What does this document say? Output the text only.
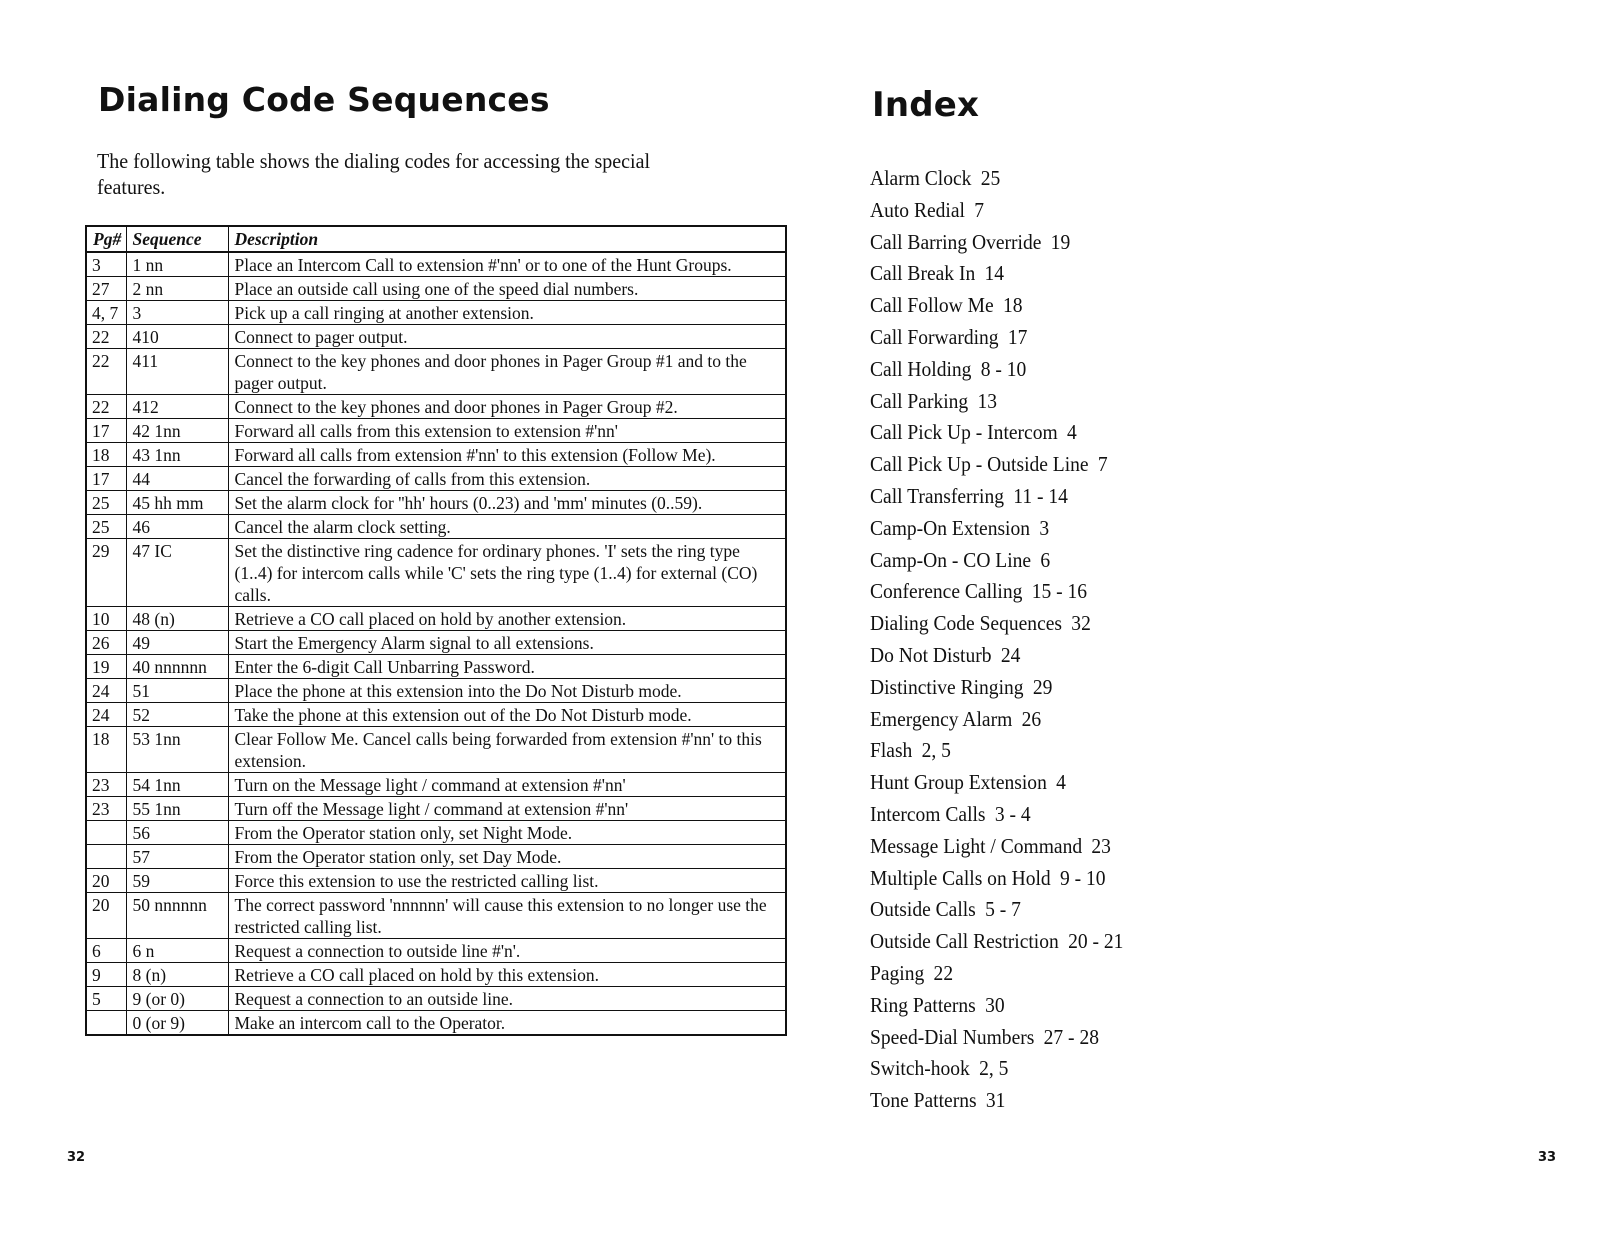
Dialing Code Sequences

The following table shows the dialing codes for accessing the special features.

Pg#	Sequence	Description
3	1 nn	Place an Intercom Call to extension #'nn' or to one of the Hunt Groups.
27	2 nn	Place an outside call using one of the speed dial numbers.
4, 7	3	Pick up a call ringing at another extension.
22	410	Connect to pager output.
22	411	Connect to the key phones and door phones in Pager Group #1 and to the pager output.
22	412	Connect to the key phones and door phones in Pager Group #2.
17	42 1nn	Forward all calls from this extension to extension #'nn'
18	43 1nn	Forward all calls from extension #'nn' to this extension (Follow Me).
17	44	Cancel the forwarding of calls from this extension.
25	45 hh mm	Set the alarm clock for ''hh' hours (0..23) and 'mm' minutes (0..59).
25	46	Cancel the alarm clock setting.
29	47 IC	Set the distinctive ring cadence for ordinary phones. 'I' sets the ring type (1..4) for intercom calls while 'C' sets the ring type (1..4) for external (CO) calls.
10	48 (n)	Retrieve a CO call placed on hold by another extension.
26	49	Start the Emergency Alarm signal to all extensions.
19	40 nnnnnn	Enter the 6-digit Call Unbarring Password.
24	51	Place the phone at this extension into the Do Not Disturb mode.
24	52	Take the phone at this extension out of the Do Not Disturb mode.
18	53 1nn	Clear Follow Me. Cancel calls being forwarded from extension #'nn' to this extension.
23	54 1nn	Turn on the Message light / command at extension #'nn'
23	55 1nn	Turn off the Message light / command at extension #'nn'
	56	From the Operator station only, set Night Mode.
	57	From the Operator station only, set Day Mode.
20	59	Force this extension to use the restricted calling list.
20	50 nnnnnn	The correct password 'nnnnnn' will cause this extension to no longer use the restricted calling list.
6	6 n	Request a connection to outside line #'n'.
9	8 (n)	Retrieve a CO call placed on hold by this extension.
5	9 (or 0)	Request a connection to an outside line.
	0 (or 9)	Make an intercom call to the Operator.
32
Index
Alarm Clock 25
Auto Redial 7
Call Barring Override 19
Call Break In 14
Call Follow Me 18
Call Forwarding 17
Call Holding 8 - 10
Call Parking 13
Call Pick Up - Intercom 4
Call Pick Up - Outside Line 7
Call Transferring 11 - 14
Camp-On Extension 3
Camp-On - CO Line 6
Conference Calling 15 - 16
Dialing Code Sequences 32
Do Not Disturb 24
Distinctive Ringing 29
Emergency Alarm 26
Flash 2, 5
Hunt Group Extension 4
Intercom Calls 3 - 4
Message Light / Command 23
Multiple Calls on Hold 9 - 10
Outside Calls 5 - 7
Outside Call Restriction 20 - 21
Paging 22
Ring Patterns 30
Speed-Dial Numbers 27 - 28
Switch-hook 2, 5
Tone Patterns 31
33
